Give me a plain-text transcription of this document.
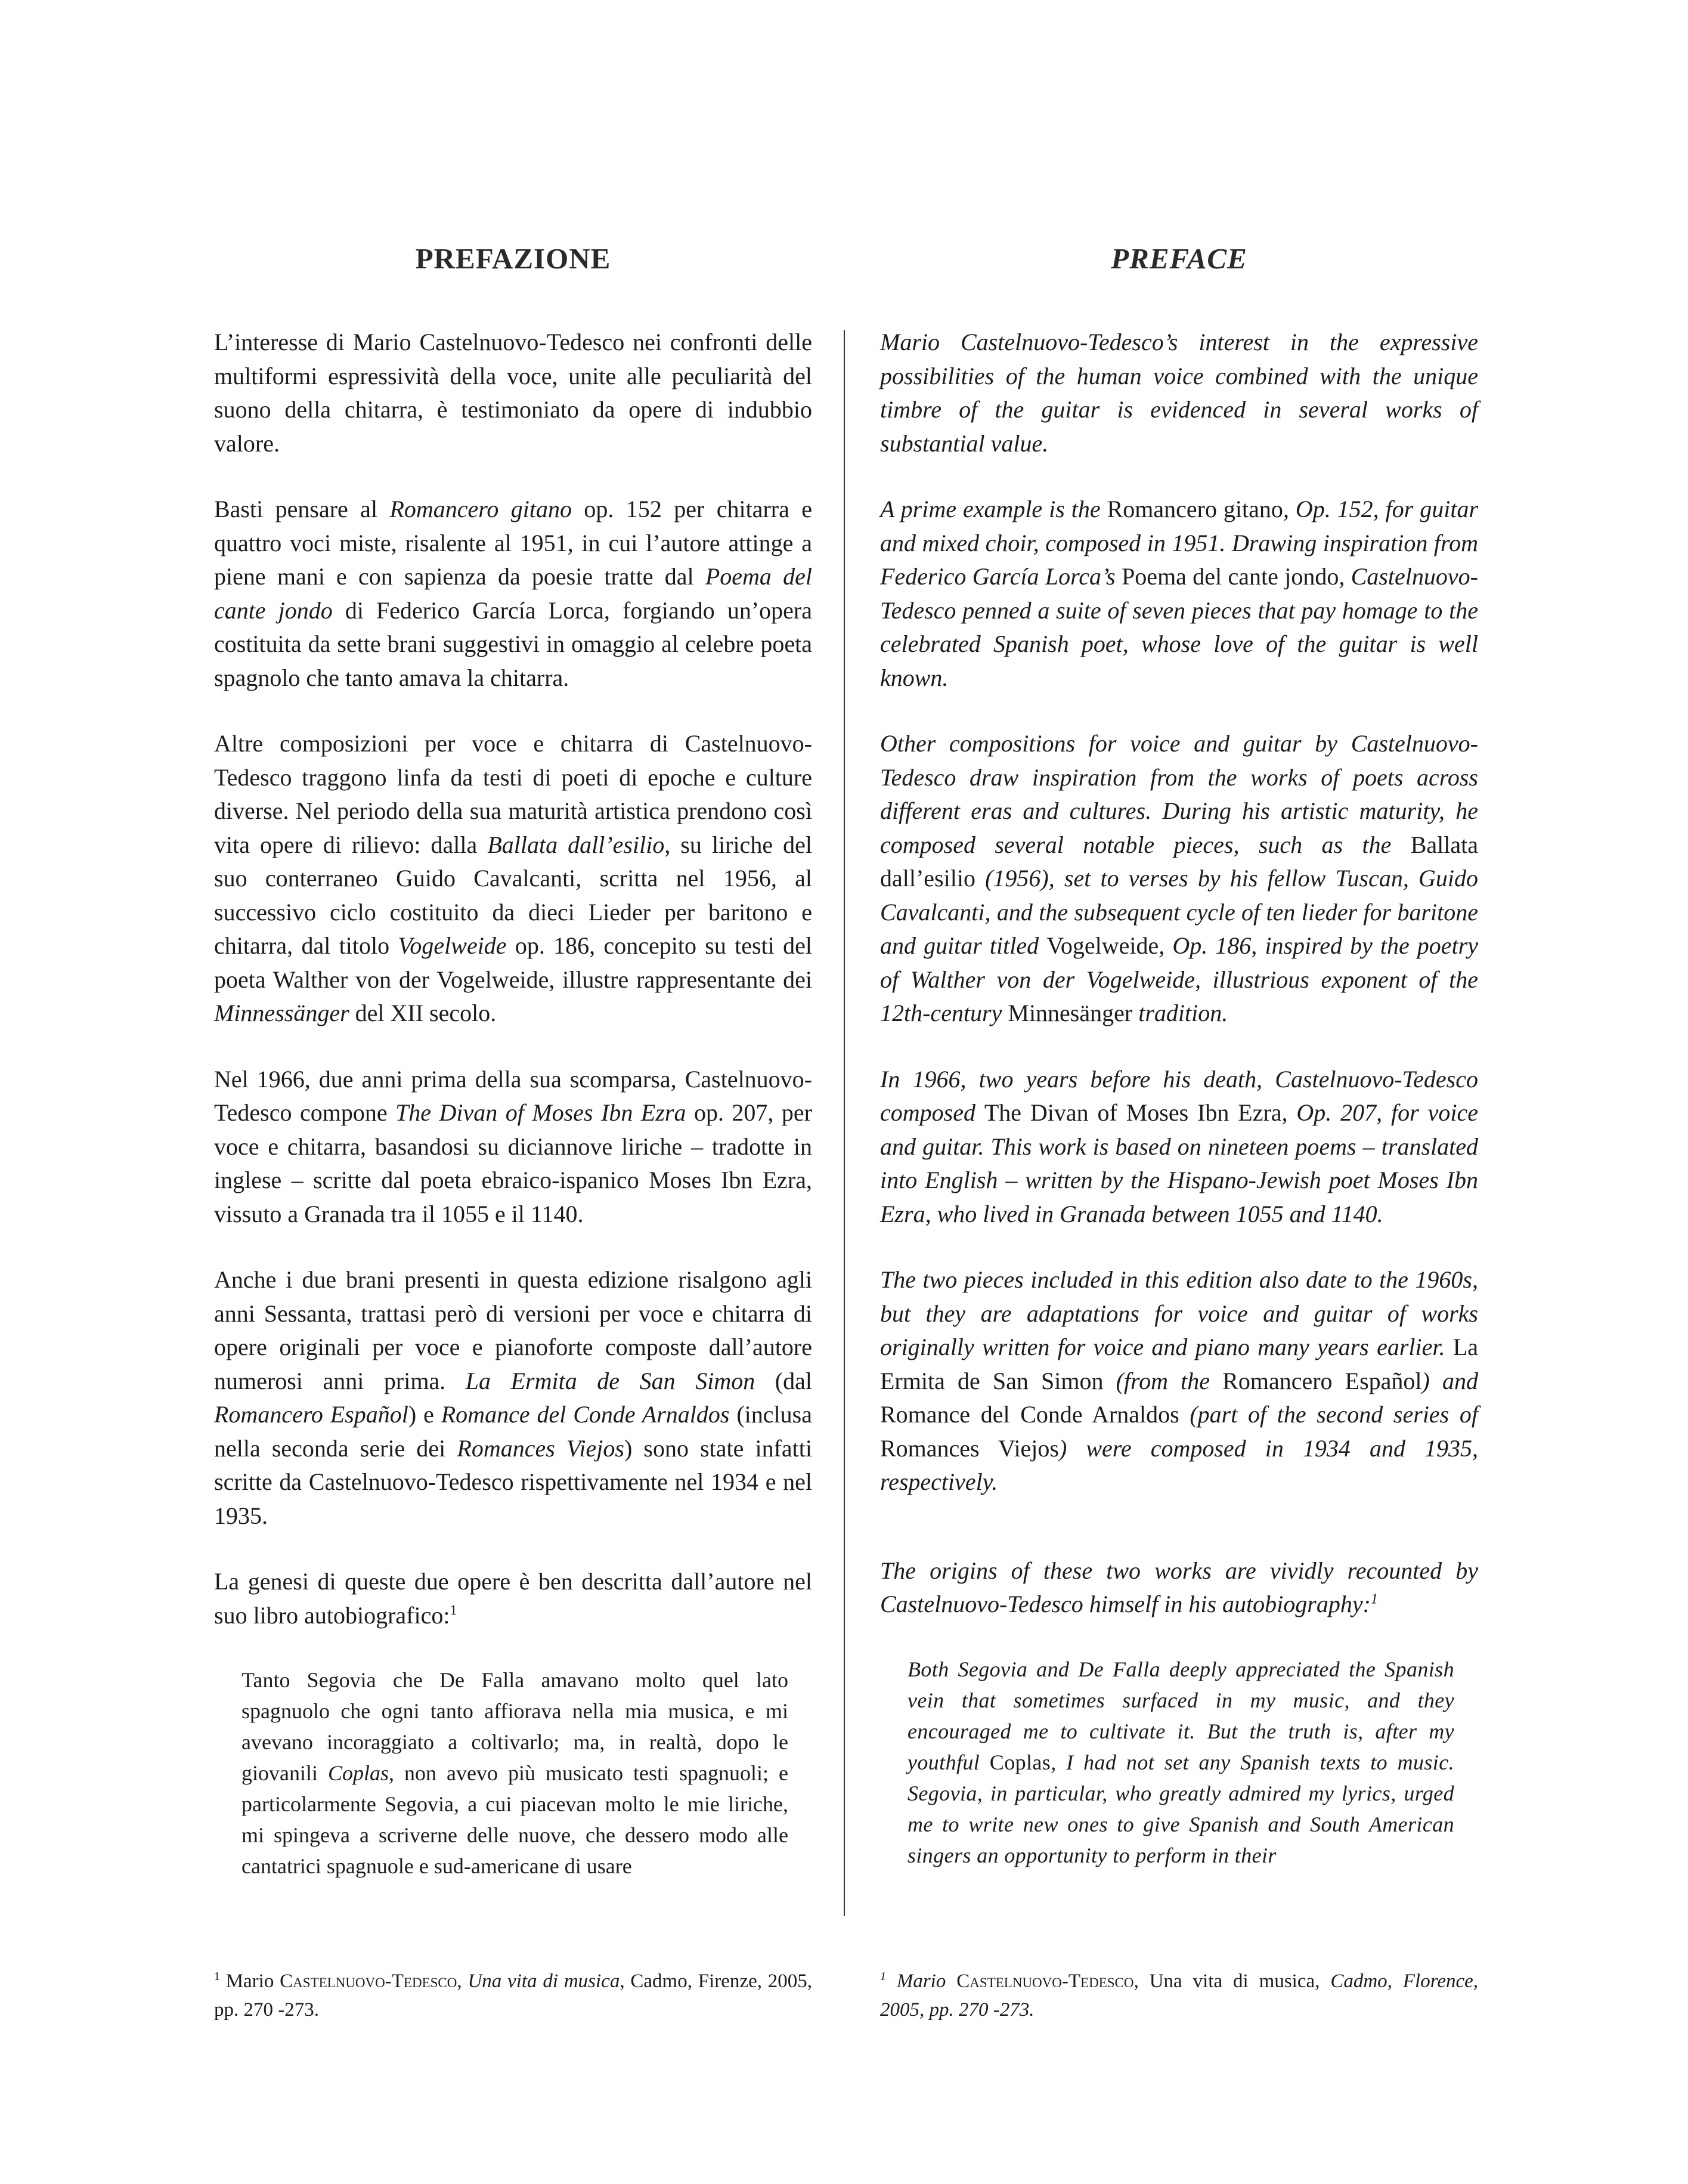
PREFAZIONE

L’interesse di Mario Castelnuovo-Tedesco nei confronti delle multiformi espressività della voce, unite alle peculiarità del suono della chitarra, è testimoniato da opere di indubbio valore.

Basti pensare al Romancero gitano op. 152 per chitarra e quattro voci miste, risalente al 1951, in cui l’autore attinge a piene mani e con sapienza da poesie tratte dal Poema del cante jondo di Federico García Lorca, forgiando un’opera costituita da sette brani suggestivi in omaggio al celebre poeta spagnolo che tanto amava la chitarra.

Altre composizioni per voce e chitarra di Castelnuovo-Tedesco traggono linfa da testi di poeti di epoche e culture diverse. Nel periodo della sua maturità artistica prendono così vita opere di rilievo: dalla Ballata dall’esilio, su liriche del suo conterraneo Guido Cavalcanti, scritta nel 1956, al successivo ciclo costituito da dieci Lieder per baritono e chitarra, dal titolo Vogelweide op. 186, concepito su testi del poeta Walther von der Vogelweide, illustre rappresentante dei Minnessänger del XII secolo.

Nel 1966, due anni prima della sua scomparsa, Castelnuovo-Tedesco compone The Divan of Moses Ibn Ezra op. 207, per voce e chitarra, basandosi su diciannove liriche – tradotte in inglese – scritte dal poeta ebraico-ispanico Moses Ibn Ezra, vissuto a Granada tra il 1055 e il 1140.

Anche i due brani presenti in questa edizione risalgono agli anni Sessanta, trattasi però di versioni per voce e chitarra di opere originali per voce e pianoforte composte dall’autore numerosi anni prima. La Ermita de San Simon (dal Romancero Español) e Romance del Conde Arnaldos (inclusa nella seconda serie dei Romances Viejos) sono state infatti scritte da Castelnuovo-Tedesco rispettivamente nel 1934 e nel 1935.

La genesi di queste due opere è ben descritta dall’autore nel suo libro autobiografico:$^1$

Tanto Segovia che De Falla amavano molto quel lato spagnuolo che ogni tanto affiorava nella mia musica, e mi avevano incoraggiato a coltivarlo; ma, in realtà, dopo le giovanili Coplas, non avevo più musicato testi spagnuoli; e particolarmente Segovia, a cui piacevan molto le mie liriche, mi spingeva a scriverne delle nuove, che dessero modo alle cantatrici spagnuole e sud-americane di usare

$^1$ Mario Castelnuovo-Tedesco, Una vita di musica, Cadmo, Firenze, 2005, pp. 270 -273.

PREFACE

Mario Castelnuovo-Tedesco’s interest in the expressive possibilities of the human voice combined with the unique timbre of the guitar is evidenced in several works of substantial value.

A prime example is the Romancero gitano, Op. 152, for guitar and mixed choir, composed in 1951. Drawing inspiration from Federico García Lorca’s Poema del cante jondo, Castelnuovo-Tedesco penned a suite of seven pieces that pay homage to the celebrated Spanish poet, whose love of the guitar is well known.

Other compositions for voice and guitar by Castelnuovo-Tedesco draw inspiration from the works of poets across different eras and cultures. During his artistic maturity, he composed several notable pieces, such as the Ballata dall’esilio (1956), set to verses by his fellow Tuscan, Guido Cavalcanti, and the subsequent cycle of ten lieder for baritone and guitar titled Vogelweide, Op. 186, inspired by the poetry of Walther von der Vogelweide, illustrious exponent of the 12th-century Minnesänger tradition.

In 1966, two years before his death, Castelnuovo-Tedesco composed The Divan of Moses Ibn Ezra, Op. 207, for voice and guitar. This work is based on nineteen poems – translated into English – written by the Hispano-Jewish poet Moses Ibn Ezra, who lived in Granada between 1055 and 1140.

The two pieces included in this edition also date to the 1960s, but they are adaptations for voice and guitar of works originally written for voice and piano many years earlier. La Ermita de San Simon (from the Romancero Español) and Romance del Conde Arnaldos (part of the second series of Romances Viejos) were composed in 1934 and 1935, respectively.

The origins of these two works are vividly recounted by Castelnuovo-Tedesco himself in his autobiography:$^1$

Both Segovia and De Falla deeply appreciated the Spanish vein that sometimes surfaced in my music, and they encouraged me to cultivate it. But the truth is, after my youthful Coplas, I had not set any Spanish texts to music. Segovia, in particular, who greatly admired my lyrics, urged me to write new ones to give Spanish and South American singers an opportunity to perform in their

$^1$ Mario Castelnuovo-Tedesco, Una vita di musica, Cadmo, Florence, 2005, pp. 270 -273.
